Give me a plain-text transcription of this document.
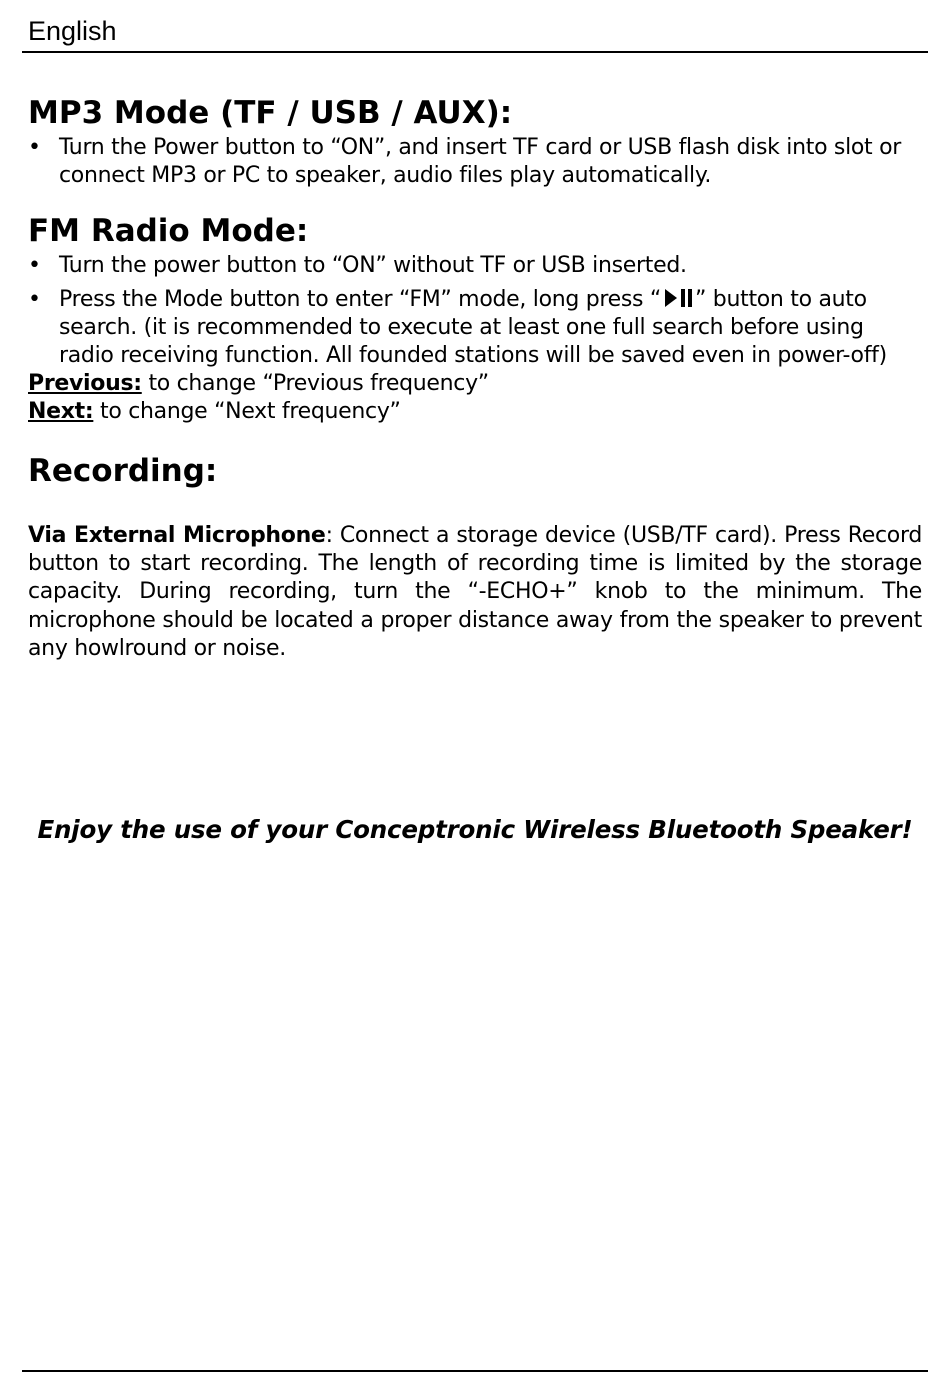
English
MP3 Mode (TF / USB / AUX):
• Turn the Power button to “ON”, and insert TF card or USB flash disk into slot or connect MP3 or PC to speaker, audio files play automatically.
FM Radio Mode:
• Turn the power button to “ON” without TF or USB inserted.
• Press the Mode button to enter “FM” mode, long press “ ” button to auto search. (it is recommended to execute at least one full search before using radio receiving function. All founded stations will be saved even in power-off)
Previous: to change “Previous frequency”
Next: to change “Next frequency”
Recording:
Via External Microphone: Connect a storage device (USB/TF card). Press Record button to start recording. The length of recording time is limited by the storage capacity. During recording, turn the “-ECHO+” knob to the minimum. The microphone should be located a proper distance away from the speaker to prevent any howlround or noise.
Enjoy the use of your Conceptronic Wireless Bluetooth Speaker!
